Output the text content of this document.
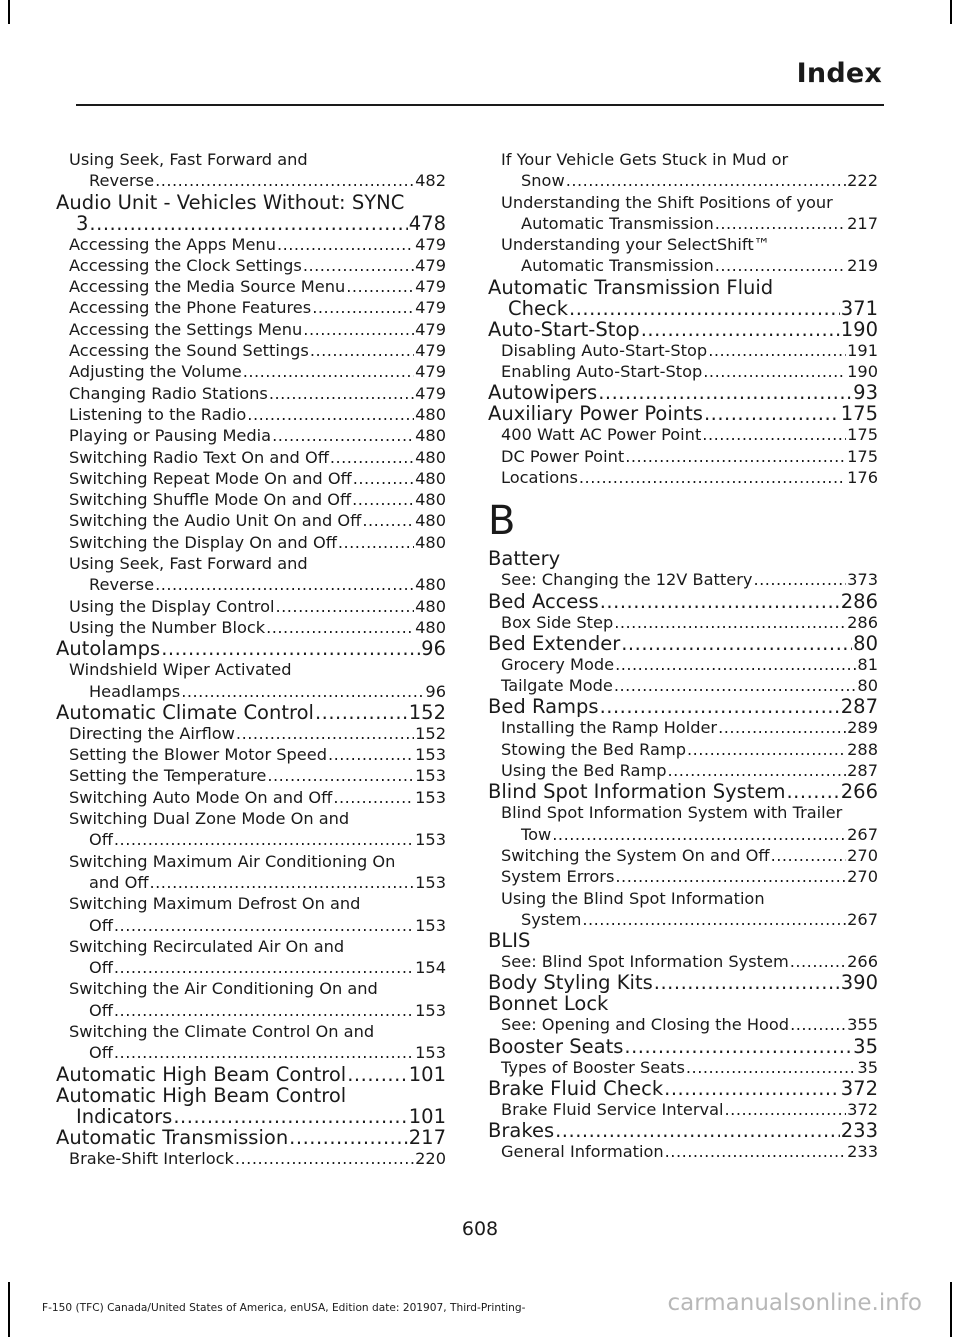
Index
Using Seek, Fast Forward and
Reverse .....	482
Audio Unit - Vehicles Without: SYNC
3 .....	478
Accessing the Apps Menu .....	479
Accessing the Clock Settings .....	479
Accessing the Media Source Menu .....	479
Accessing the Phone Features .....	479
Accessing the Settings Menu .....	479
Accessing the Sound Settings .....	479
Adjusting the Volume .....	479
Changing Radio Stations .....	479
Listening to the Radio .....	480
Playing or Pausing Media .....	480
Switching Radio Text On and Off .....	480
Switching Repeat Mode On and Off .....	480
Switching Shuffle Mode On and Off .....	480
Switching the Audio Unit On and Off .....	480
Switching the Display On and Off .....	480
Using Seek, Fast Forward and
Reverse .....	480
Using the Display Control .....	480
Using the Number Block .....	480
Autolamps .....	96
Windshield Wiper Activated
Headlamps .....	96
Automatic Climate Control .....	152
Directing the Airflow .....	152
Setting the Blower Motor Speed .....	153
Setting the Temperature .....	153
Switching Auto Mode On and Off .....	153
Switching Dual Zone Mode On and
Off .....	153
Switching Maximum Air Conditioning On
and Off .....	153
Switching Maximum Defrost On and
Off .....	153
Switching Recirculated Air On and
Off .....	154
Switching the Air Conditioning On and
Off .....	153
Switching the Climate Control On and
Off .....	153
Automatic High Beam Control .....	101
Automatic High Beam Control
Indicators .....	101
Automatic Transmission .....	217
Brake-Shift Interlock .....	220
If Your Vehicle Gets Stuck in Mud or
Snow .....	222
Understanding the Shift Positions of your
Automatic Transmission .....	217
Understanding your SelectShift™
Automatic Transmission .....	219
Automatic Transmission Fluid
Check .....	371
Auto-Start-Stop .....	190
Disabling Auto-Start-Stop .....	191
Enabling Auto-Start-Stop .....	190
Autowipers .....	93
Auxiliary Power Points .....	175
400 Watt AC Power Point .....	175
DC Power Point .....	175
Locations .....	176
B
Battery
See: Changing the 12V Battery .....	373
Bed Access .....	286
Box Side Step .....	286
Bed Extender .....	80
Grocery Mode .....	81
Tailgate Mode .....	80
Bed Ramps .....	287
Installing the Ramp Holder .....	289
Stowing the Bed Ramp .....	288
Using the Bed Ramp .....	287
Blind Spot Information System .....	266
Blind Spot Information System with Trailer
Tow .....	267
Switching the System On and Off .....	270
System Errors .....	270
Using the Blind Spot Information
System .....	267
BLIS
See: Blind Spot Information System .....	266
Body Styling Kits .....	390
Bonnet Lock
See: Opening and Closing the Hood .....	355
Booster Seats .....	35
Types of Booster Seats .....	35
Brake Fluid Check .....	372
Brake Fluid Service Interval .....	372
Brakes .....	233
General Information .....	233
608
F-150 (TFC) Canada/United States of America, enUSA, Edition date: 201907, Third-Printing-	carmanualsonline.info
